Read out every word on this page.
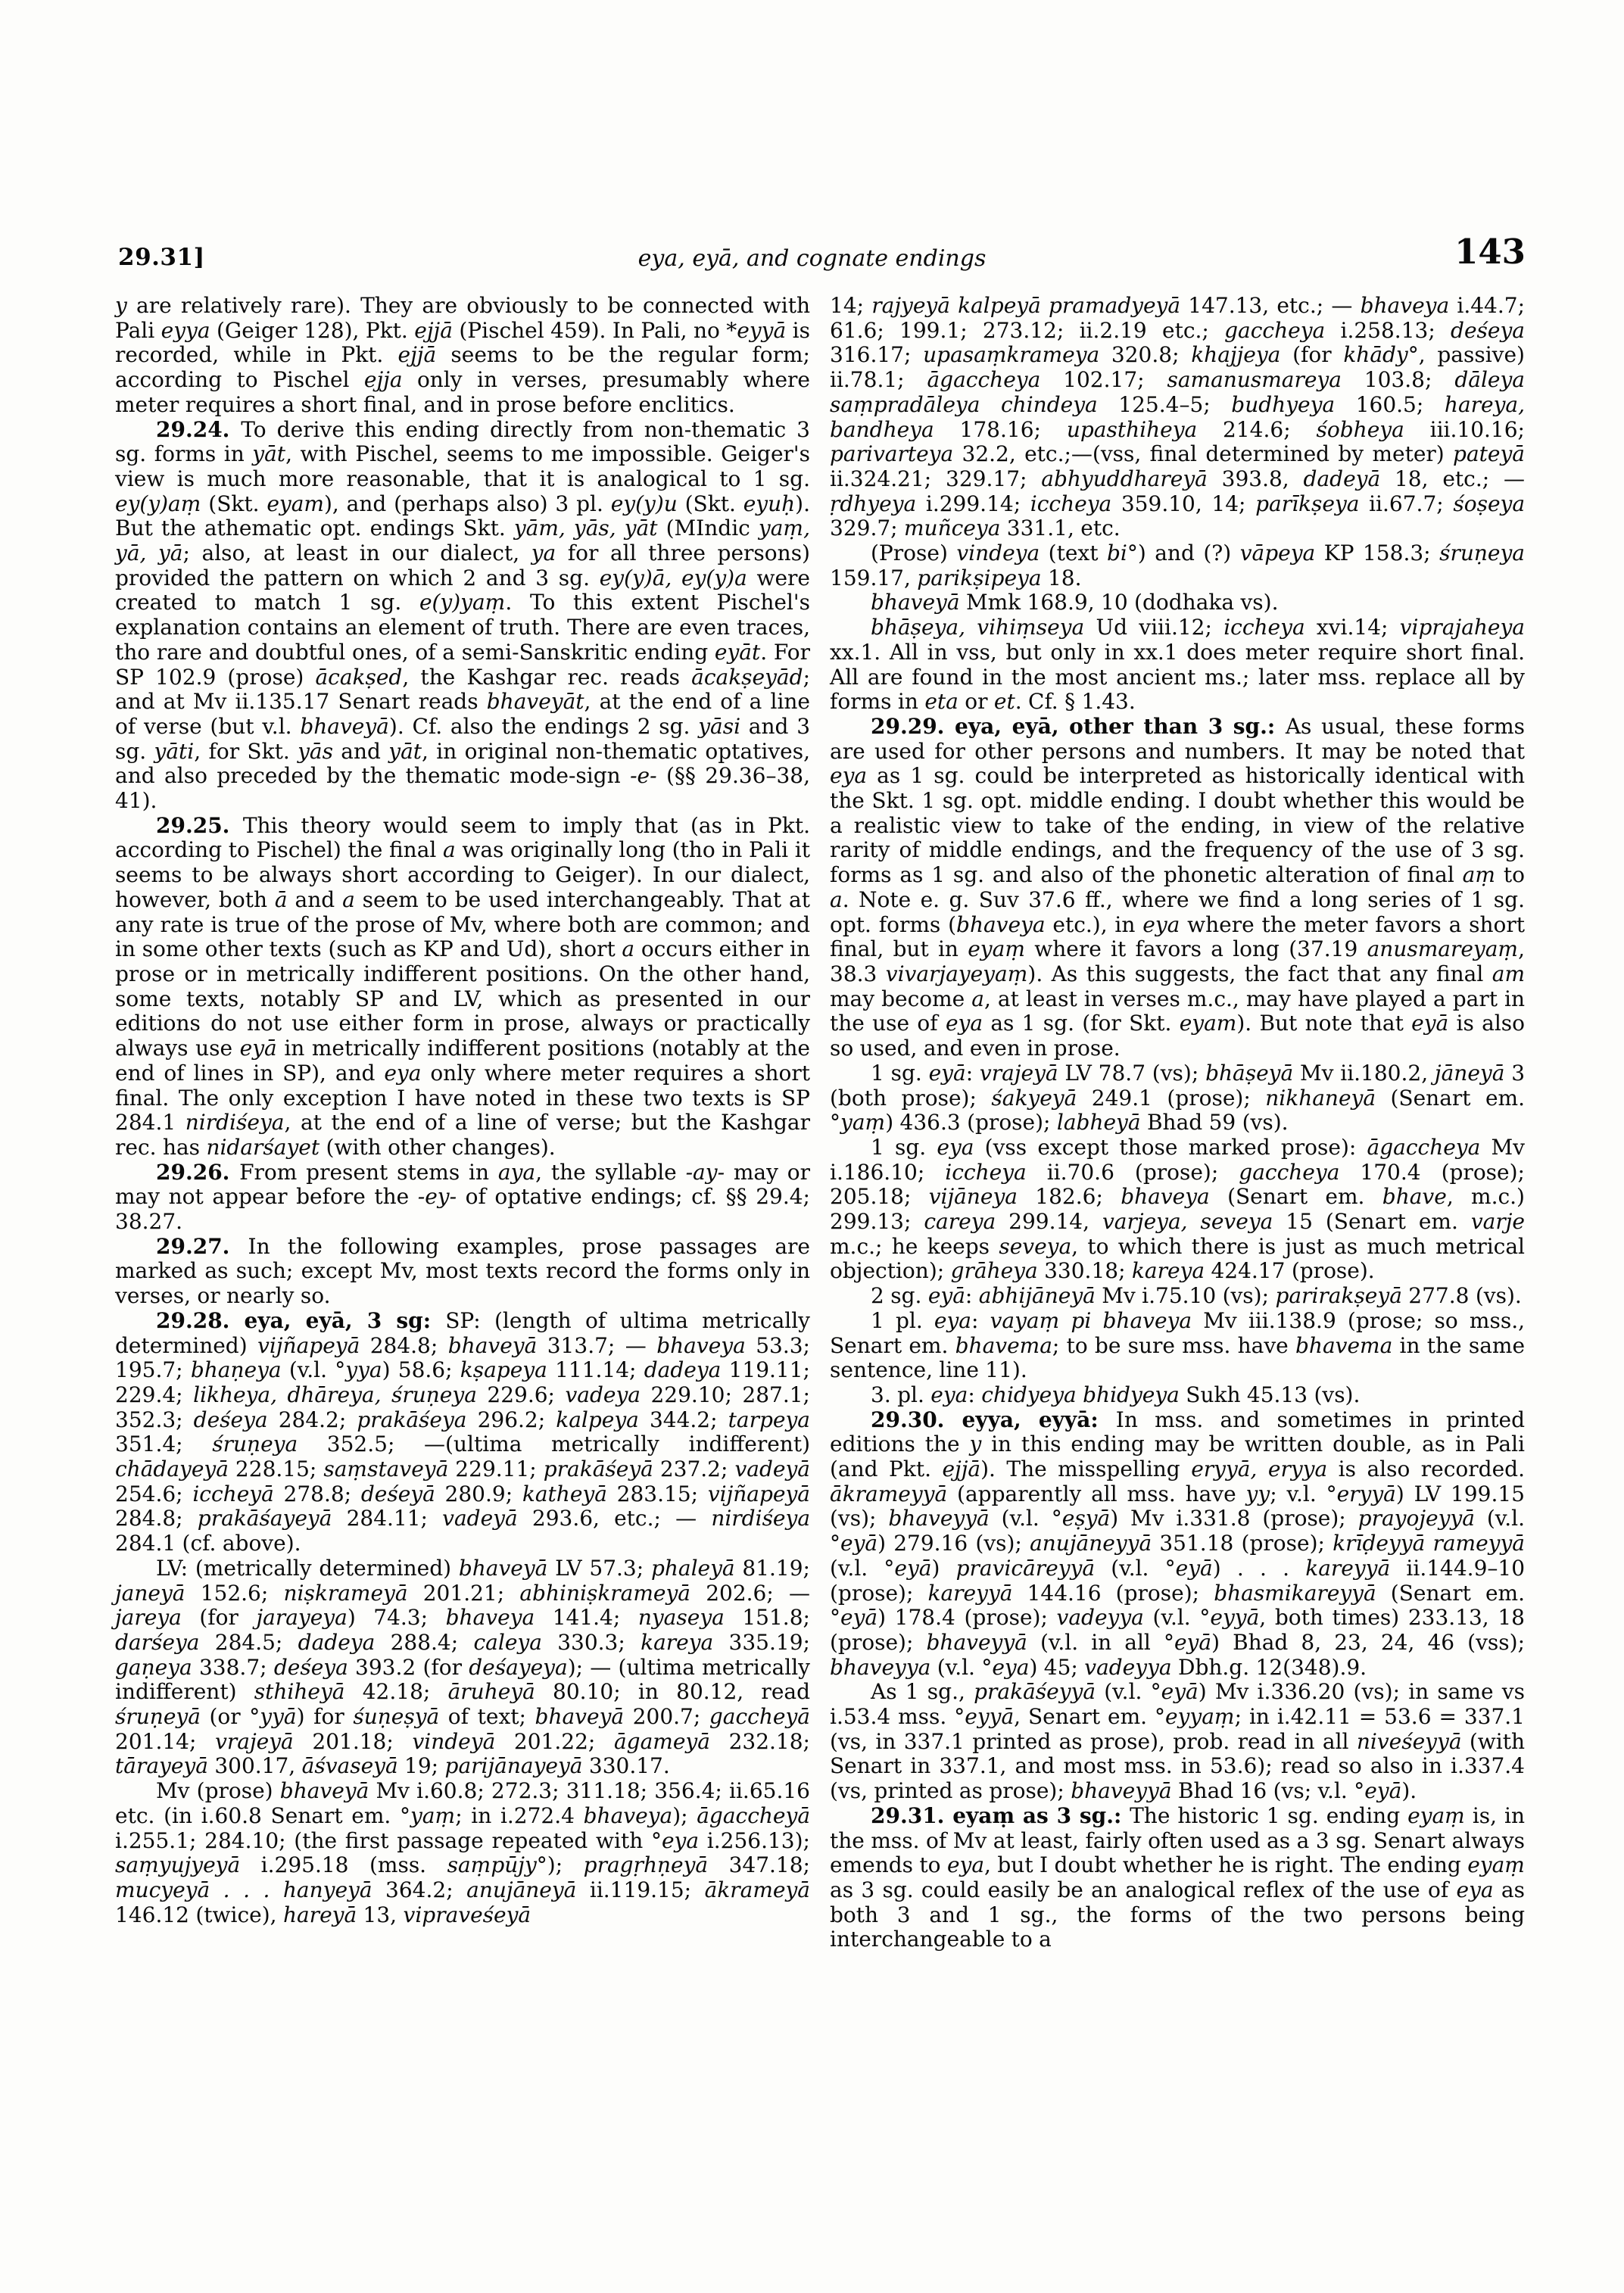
29.31]	eya, eyā, and cognate endings	143
y are relatively rare). They are obviously to be connected with Pali eyya (Geiger 128), Pkt. ejjā (Pischel 459). In Pali, no *eyyā is recorded, while in Pkt. ejjā seems to be the regular form; according to Pischel ejja only in verses, presumably where meter requires a short final, and in prose before enclitics.
29.24. To derive this ending directly from non-thematic 3 sg. forms in yāt, with Pischel, seems to me impossible. Geiger's view is much more reasonable, that it is analogical to 1 sg. ey(y)aṃ (Skt. eyam), and (perhaps also) 3 pl. ey(y)u (Skt. eyuḥ). But the athematic opt. endings Skt. yām, yās, yāt (MIndic yaṃ, yā, yā; also, at least in our dialect, ya for all three persons) provided the pattern on which 2 and 3 sg. ey(y)ā, ey(y)a were created to match 1 sg. e(y)yaṃ. To this extent Pischel's explanation contains an element of truth. There are even traces, tho rare and doubtful ones, of a semi-Sanskritic ending eyāt. For SP 102.9 (prose) ācakṣed, the Kashgar rec. reads ācakṣeyād; and at Mv ii.135.17 Senart reads bhaveyāt, at the end of a line of verse (but v.l. bhaveyā). Cf. also the endings 2 sg. yāsi and 3 sg. yāti, for Skt. yās and yāt, in original non-thematic optatives, and also preceded by the thematic mode-sign -e- (§§ 29.36–38, 41).
29.25. This theory would seem to imply that (as in Pkt. according to Pischel) the final a was originally long (tho in Pali it seems to be always short according to Geiger). In our dialect, however, both ā and a seem to be used interchangeably. That at any rate is true of the prose of Mv, where both are common; and in some other texts (such as KP and Ud), short a occurs either in prose or in metrically indifferent positions. On the other hand, some texts, notably SP and LV, which as presented in our editions do not use either form in prose, always or practically always use eyā in metrically indifferent positions (notably at the end of lines in SP), and eya only where meter requires a short final. The only exception I have noted in these two texts is SP 284.1 nirdiśeya, at the end of a line of verse; but the Kashgar rec. has nidarśayet (with other changes).
29.26. From present stems in aya, the syllable -ay- may or may not appear before the -ey- of optative endings; cf. §§ 29.4; 38.27.
29.27. In the following examples, prose passages are marked as such; except Mv, most texts record the forms only in verses, or nearly so.
29.28. eya, eyā, 3 sg: SP: (length of ultima metrically determined) vijñapeyā 284.8; bhaveyā 313.7; — bhaveya 53.3; 195.7; bhaṇeya (v.l. °yya) 58.6; kṣapeya 111.14; dadeya 119.11; 229.4; likheya, dhāreya, śruṇeya 229.6; vadeya 229.10; 287.1; 352.3; deśeya 284.2; prakāśeya 296.2; kalpeya 344.2; tarpeya 351.4; śruṇeya 352.5; —(ultima metrically indifferent) chādayeyā 228.15; saṃstaveyā 229.11; prakāśeyā 237.2; vadeyā 254.6; iccheyā 278.8; deśeyā 280.9; katheyā 283.15; vijñapeyā 284.8; prakāśayeyā 284.11; vadeyā 293.6, etc.; — nirdiśeya 284.1 (cf. above).
LV: (metrically determined) bhaveyā LV 57.3; phaleyā 81.19; janeyā 152.6; niṣkrameyā 201.21; abhiniṣkrameyā 202.6; — jareya (for jarayeya) 74.3; bhaveya 141.4; nyaseya 151.8; darśeya 284.5; dadeya 288.4; caleya 330.3; kareya 335.19; gaṇeya 338.7; deśeya 393.2 (for deśayeya); — (ultima metrically indifferent) sthiheyā 42.18; āruheyā 80.10; in 80.12, read śruṇeyā (or °yyā) for śuṇeṣyā of text; bhaveyā 200.7; gaccheyā 201.14; vrajeyā 201.18; vindeyā 201.22; āgameyā 232.18; tārayeyā 300.17, āśvaseyā 19; parijānayeyā 330.17.
Mv (prose) bhaveyā Mv i.60.8; 272.3; 311.18; 356.4; ii.65.16 etc. (in i.60.8 Senart em. °yaṃ; in i.272.4 bhaveya); āgaccheyā i.255.1; 284.10; (the first passage repeated with °eya i.256.13); saṃyujyeyā i.295.18 (mss. saṃpūjy°); pragṛhṇeyā 347.18; mucyeyā . . . hanyeyā 364.2; anujāneyā ii.119.15; ākrameyā 146.12 (twice), hareyā 13, vipraveśeyā
14; rajyeyā kalpeyā pramadyeyā 147.13, etc.; — bhaveya i.44.7; 61.6; 199.1; 273.12; ii.2.19 etc.; gaccheya i.258.13; deśeya 316.17; upasaṃkrameya 320.8; khajjeya (for khādy°, passive) ii.78.1; āgaccheya 102.17; samanusmareya 103.8; dāleya saṃpradāleya chindeya 125.4–5; budhyeya 160.5; hareya, bandheya 178.16; upasthiheya 214.6; śobheya iii.10.16; parivarteya 32.2, etc.;—(vss, final determined by meter) pateyā ii.324.21; 329.17; abhyuddhareyā 393.8, dadeyā 18, etc.; — ṛdhyeya i.299.14; iccheya 359.10, 14; parīkṣeya ii.67.7; śoṣeya 329.7; muñceya 331.1, etc.
(Prose) vindeya (text bi°) and (?) vāpeya KP 158.3; śruṇeya 159.17, parikṣipeya 18.
bhaveyā Mmk 168.9, 10 (dodhaka vs).
bhāṣeya, vihiṃseya Ud viii.12; iccheya xvi.14; viprajaheya xx.1. All in vss, but only in xx.1 does meter require short final. All are found in the most ancient ms.; later mss. replace all by forms in eta or et. Cf. § 1.43.
29.29. eya, eyā, other than 3 sg.: As usual, these forms are used for other persons and numbers. It may be noted that eya as 1 sg. could be interpreted as historically identical with the Skt. 1 sg. opt. middle ending. I doubt whether this would be a realistic view to take of the ending, in view of the relative rarity of middle endings, and the frequency of the use of 3 sg. forms as 1 sg. and also of the phonetic alteration of final aṃ to a. Note e. g. Suv 37.6 ff., where we find a long series of 1 sg. opt. forms (bhaveya etc.), in eya where the meter favors a short final, but in eyaṃ where it favors a long (37.19 anusmareyaṃ, 38.3 vivarjayeyaṃ). As this suggests, the fact that any final am may become a, at least in verses m.c., may have played a part in the use of eya as 1 sg. (for Skt. eyam). But note that eyā is also so used, and even in prose.
1 sg. eyā: vrajeyā LV 78.7 (vs); bhāṣeyā Mv ii.180.2, jāneyā 3 (both prose); śakyeyā 249.1 (prose); nikhaneyā (Senart em. °yaṃ) 436.3 (prose); labheyā Bhad 59 (vs).
1 sg. eya (vss except those marked prose): āgaccheya Mv i.186.10; iccheya ii.70.6 (prose); gaccheya 170.4 (prose); 205.18; vijāneya 182.6; bhaveya (Senart em. bhave, m.c.) 299.13; careya 299.14, varjeya, seveya 15 (Senart em. varje m.c.; he keeps seveya, to which there is just as much metrical objection); grāheya 330.18; kareya 424.17 (prose).
2 sg. eyā: abhijāneyā Mv i.75.10 (vs); parirakṣeyā 277.8 (vs).
1 pl. eya: vayaṃ pi bhaveya Mv iii.138.9 (prose; so mss., Senart em. bhavema; to be sure mss. have bhavema in the same sentence, line 11).
3. pl. eya: chidyeya bhidyeya Sukh 45.13 (vs).
29.30. eyya, eyyā: In mss. and sometimes in printed editions the y in this ending may be written double, as in Pali (and Pkt. ejjā). The misspelling eryyā, eryya is also recorded. ākrameyyā (apparently all mss. have yy; v.l. °eryyā) LV 199.15 (vs); bhaveyyā (v.l. °eṣyā) Mv i.331.8 (prose); prayojeyyā (v.l. °eyā) 279.16 (vs); anujāneyyā 351.18 (prose); krīḍeyyā rameyyā (v.l. °eyā) pravicāreyyā (v.l. °eyā) . . . kareyyā ii.144.9–10 (prose); kareyyā 144.16 (prose); bhasmikareyyā (Senart em. °eyā) 178.4 (prose); vadeyya (v.l. °eyyā, both times) 233.13, 18 (prose); bhaveyyā (v.l. in all °eyā) Bhad 8, 23, 24, 46 (vss); bhaveyya (v.l. °eya) 45; vadeyya Dbh.g. 12(348).9.
As 1 sg., prakāśeyyā (v.l. °eyā) Mv i.336.20 (vs); in same vs i.53.4 mss. °eyyā, Senart em. °eyyaṃ; in i.42.11 = 53.6 = 337.1 (vs, in 337.1 printed as prose), prob. read in all niveśeyyā (with Senart in 337.1, and most mss. in 53.6); read so also in i.337.4 (vs, printed as prose); bhaveyyā Bhad 16 (vs; v.l. °eyā).
29.31. eyaṃ as 3 sg.: The historic 1 sg. ending eyaṃ is, in the mss. of Mv at least, fairly often used as a 3 sg. Senart always emends to eya, but I doubt whether he is right. The ending eyaṃ as 3 sg. could easily be an analogical reflex of the use of eya as both 3 and 1 sg., the forms of the two persons being interchangeable to a
